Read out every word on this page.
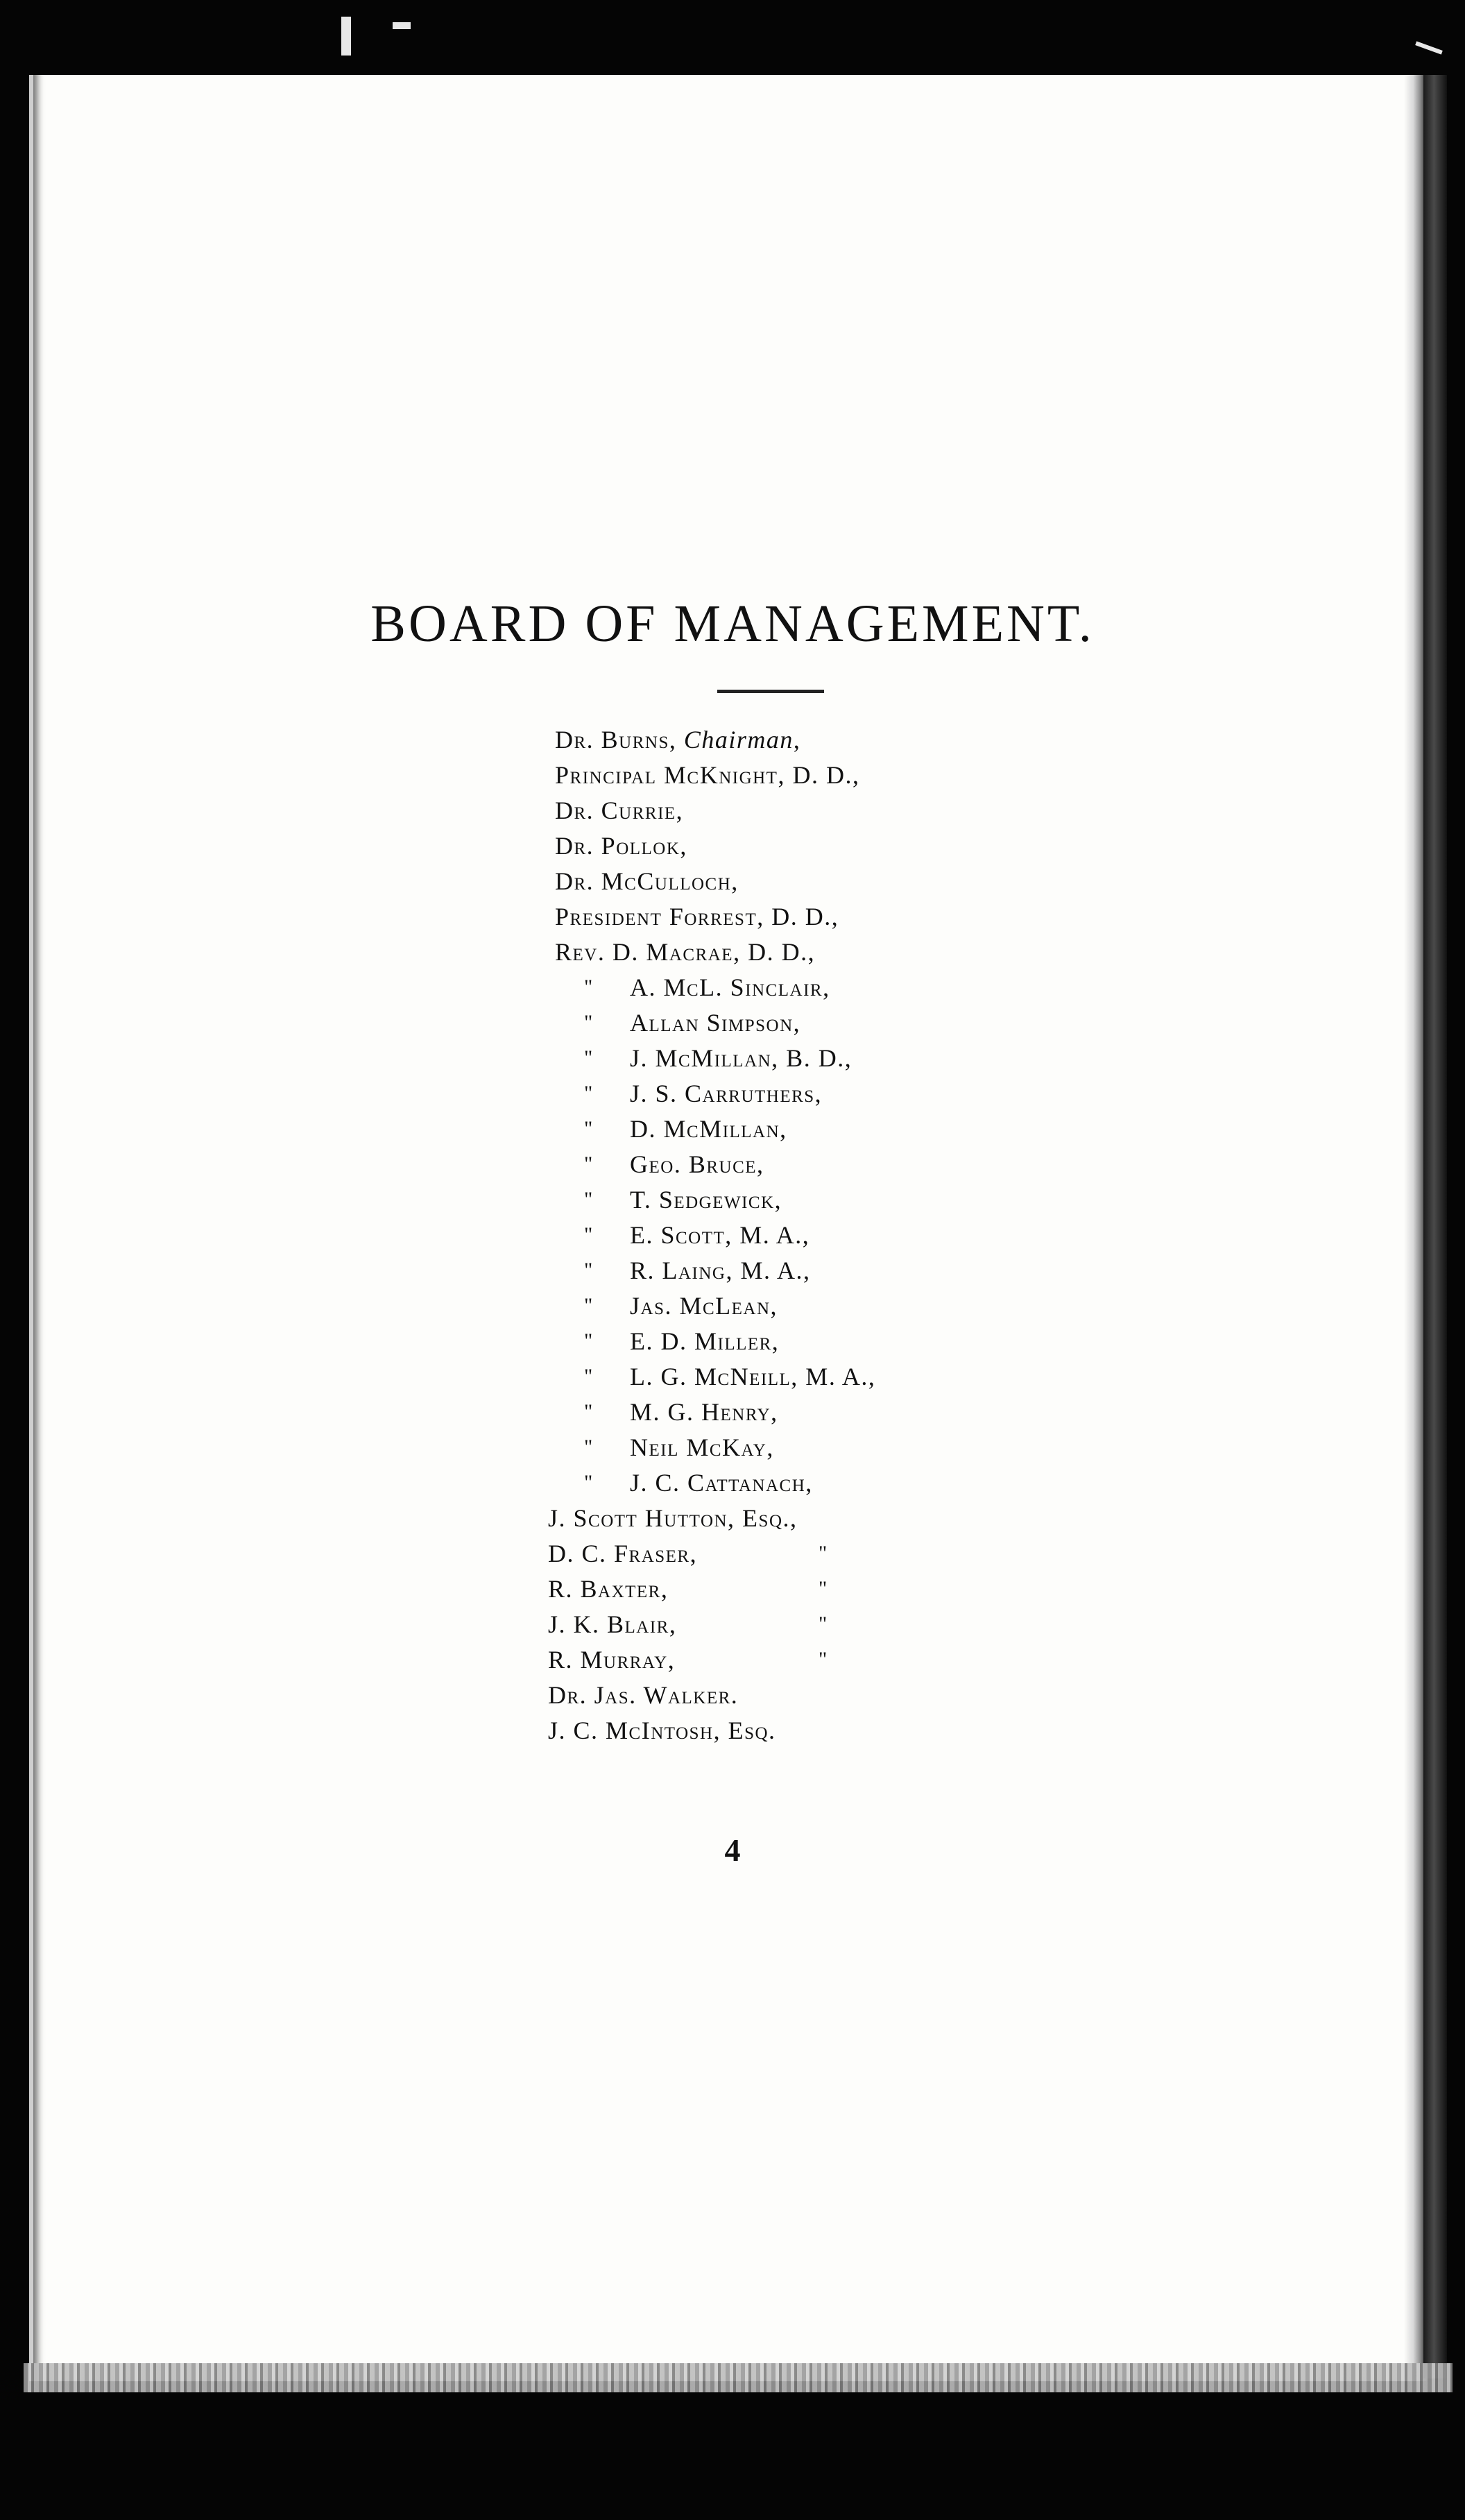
BOARD OF MANAGEMENT.
Dr. Burns, Chairman,
Principal McKnight, D. D.,
Dr. Currie,
Dr. Pollok,
Dr. McCulloch,
President Forrest, D. D.,
Rev. D. Macrae, D. D.,
" A. McL. Sinclair,
" Allan Simpson,
" J. McMillan, B. D.,
" J. S. Carruthers,
" D. McMillan,
" Geo. Bruce,
" T. Sedgewick,
" E. Scott, M. A.,
" R. Laing, M. A.,
" Jas. McLean,
" E. D. Miller,
" L. G. McNeill, M. A.,
" M. G. Henry,
" Neil McKay,
" J. C. Cattanach,
J. Scott Hutton, Esq.,
D. C. Fraser,	"
R. Baxter,	"
J. K. Blair,	"
R. Murray,	"
Dr. Jas. Walker.
J. C. McIntosh, Esq.
4
